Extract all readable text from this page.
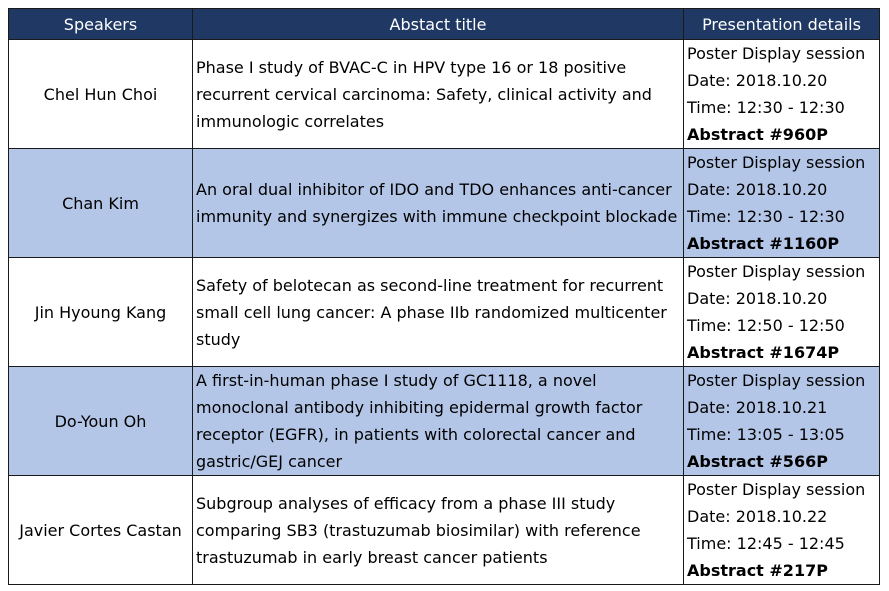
Speakers	Abstact title	Presentation details
Chel Hun Choi	Phase I study of BVAC-C in HPV type 16 or 18 positive recurrent cervical carcinoma: Safety, clinical activity and immunologic correlates	Poster Display session
Date: 2018.10.20
Time: 12:30 - 12:30
Abstract #960P

Chan Kim	An oral dual inhibitor of IDO and TDO enhances anti-cancer immunity and synergizes with immune checkpoint blockade	Poster Display session
Date: 2018.10.20
Time: 12:30 - 12:30
Abstract #1160P

Jin Hyoung Kang	Safety of belotecan as second-line treatment for recurrent small cell lung cancer: A phase IIb randomized multicenter study	Poster Display session
Date: 2018.10.20
Time: 12:50 - 12:50
Abstract #1674P

Do-Youn Oh	A first-in-human phase I study of GC1118, a novel monoclonal antibody inhibiting epidermal growth factor receptor (EGFR), in patients with colorectal cancer and gastric/GEJ cancer	Poster Display session
Date: 2018.10.21
Time: 13:05 - 13:05
Abstract #566P

Javier Cortes Castan	Subgroup analyses of efficacy from a phase III study comparing SB3 (trastuzumab biosimilar) with reference trastuzumab in early breast cancer patients	Poster Display session
Date: 2018.10.22
Time: 12:45 - 12:45
Abstract #217P
